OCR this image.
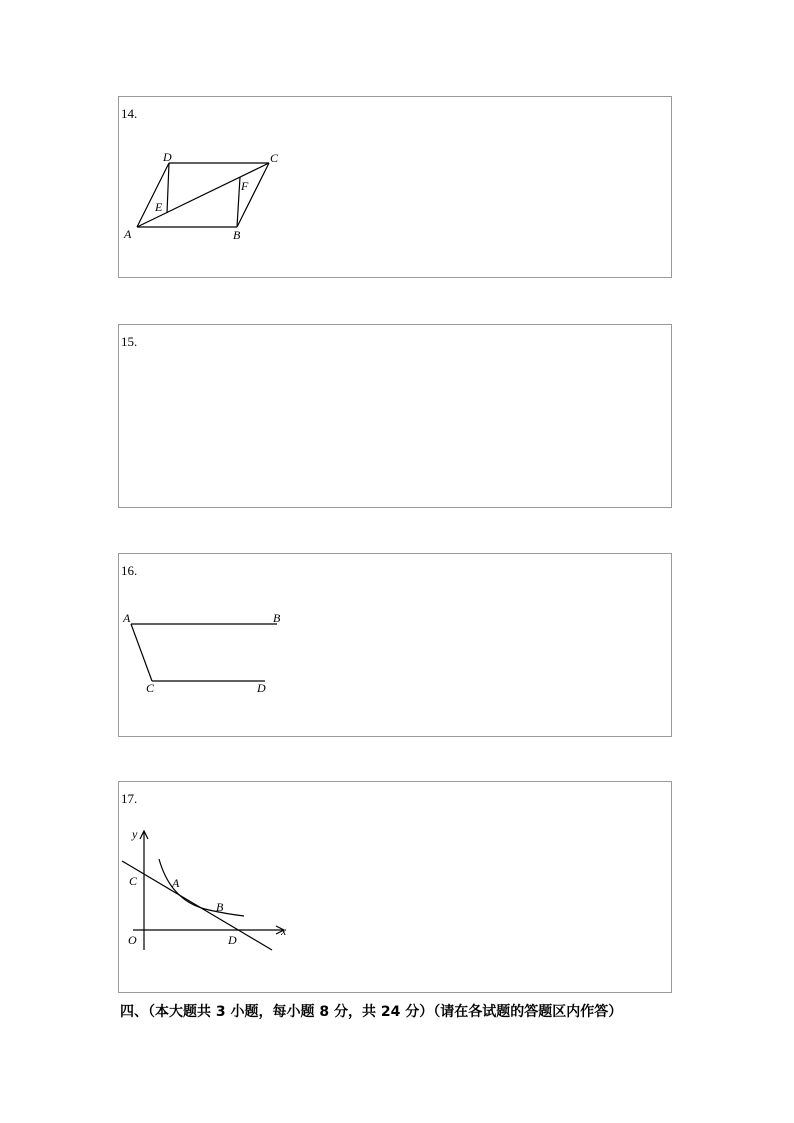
14.
A	B
C
D
E
F
15.
16.
A	B
C	D
17.
y
x
O
C	A
B
D
四、（本大题共 3 小题，每小题 8 分，共 24 分）（请在各试题的答题区内作答）
